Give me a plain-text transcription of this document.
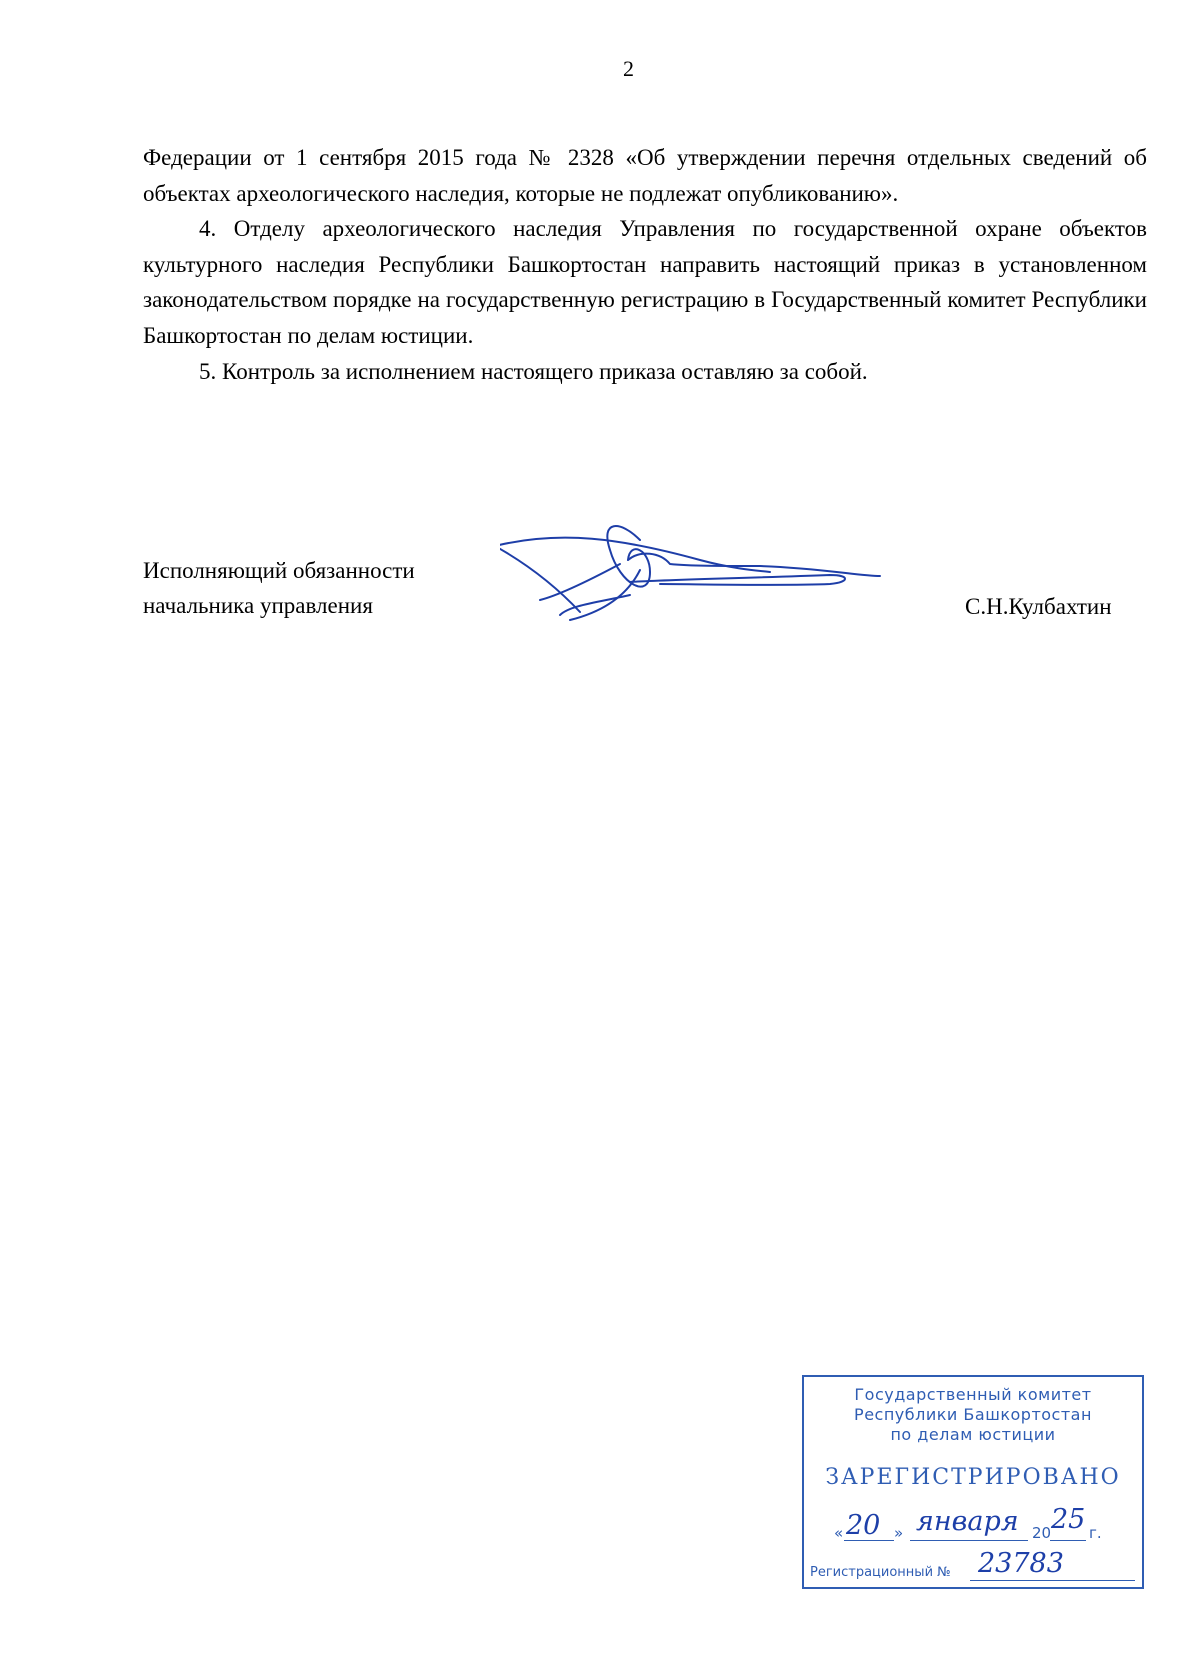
2

Федерации от 1 сентября 2015 года № 2328 «Об утверждении перечня отдельных сведений об объектах археологического наследия, которые не подлежат опубликованию».

4. Отделу археологического наследия Управления по государственной охране объектов культурного наследия Республики Башкортостан направить настоящий приказ в установленном законодательством порядке на государственную регистрацию в Государственный комитет Республики Башкортостан по делам юстиции.

5. Контроль за исполнением настоящего приказа оставляю за собой.

Исполняющий обязанности
начальника управления	С.Н.Кулбахтин
Государственный комитет
Республики Башкортостан
по делам юстиции
ЗАРЕГИСТРИРОВАНО
« 20 » января 20 25 г.
Регистрационный № 23783
